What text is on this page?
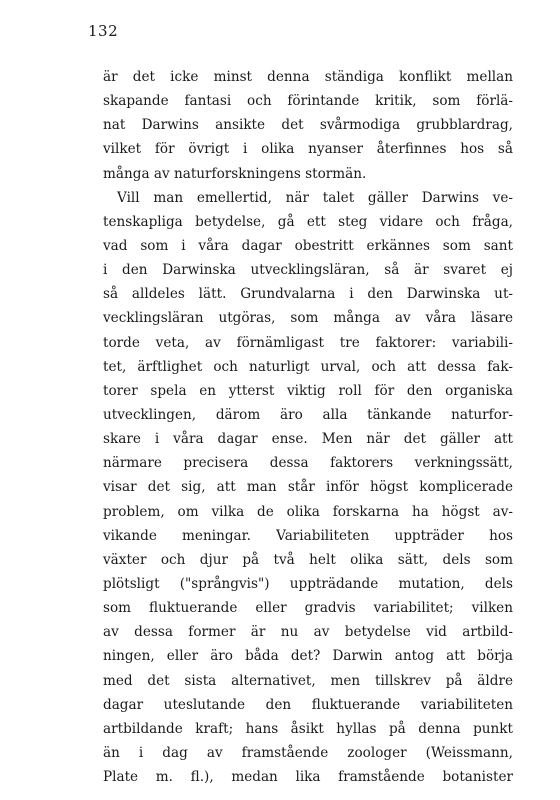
132
är det icke minst denna ständiga konflikt mellan
skapande fantasi och förintande kritik, som förlä-
nat Darwins ansikte det svårmodiga grubblardrag,
vilket för övrigt i olika nyanser återfinnes hos så
många av naturforskningens stormän.
Vill man emellertid, när talet gäller Darwins ve-
tenskapliga betydelse, gå ett steg vidare och fråga,
vad som i våra dagar obestritt erkännes som sant
i den Darwinska utvecklingsläran, så är svaret ej
så alldeles lätt. Grundvalarna i den Darwinska ut-
vecklingsläran utgöras, som många av våra läsare
torde veta, av förnämligast tre faktorer: variabili-
tet, ärftlighet och naturligt urval, och att dessa fak-
torer spela en ytterst viktig roll för den organiska
utvecklingen, därom äro alla tänkande naturfor-
skare i våra dagar ense. Men när det gäller att
närmare precisera dessa faktorers verkningssätt,
visar det sig, att man står inför högst komplicerade
problem, om vilka de olika forskarna ha högst av-
vikande meningar. Variabiliteten uppträder hos
växter och djur på två helt olika sätt, dels som
plötsligt ("språngvis") uppträdande mutation, dels
som fluktuerande eller gradvis variabilitet; vilken
av dessa former är nu av betydelse vid artbild-
ningen, eller äro båda det? Darwin antog att börja
med det sista alternativet, men tillskrev på äldre
dagar uteslutande den fluktuerande variabiliteten
artbildande kraft; hans åsikt hyllas på denna punkt
än i dag av framstående zoologer (Weissmann,
Plate m. fl.), medan lika framstående botanister
